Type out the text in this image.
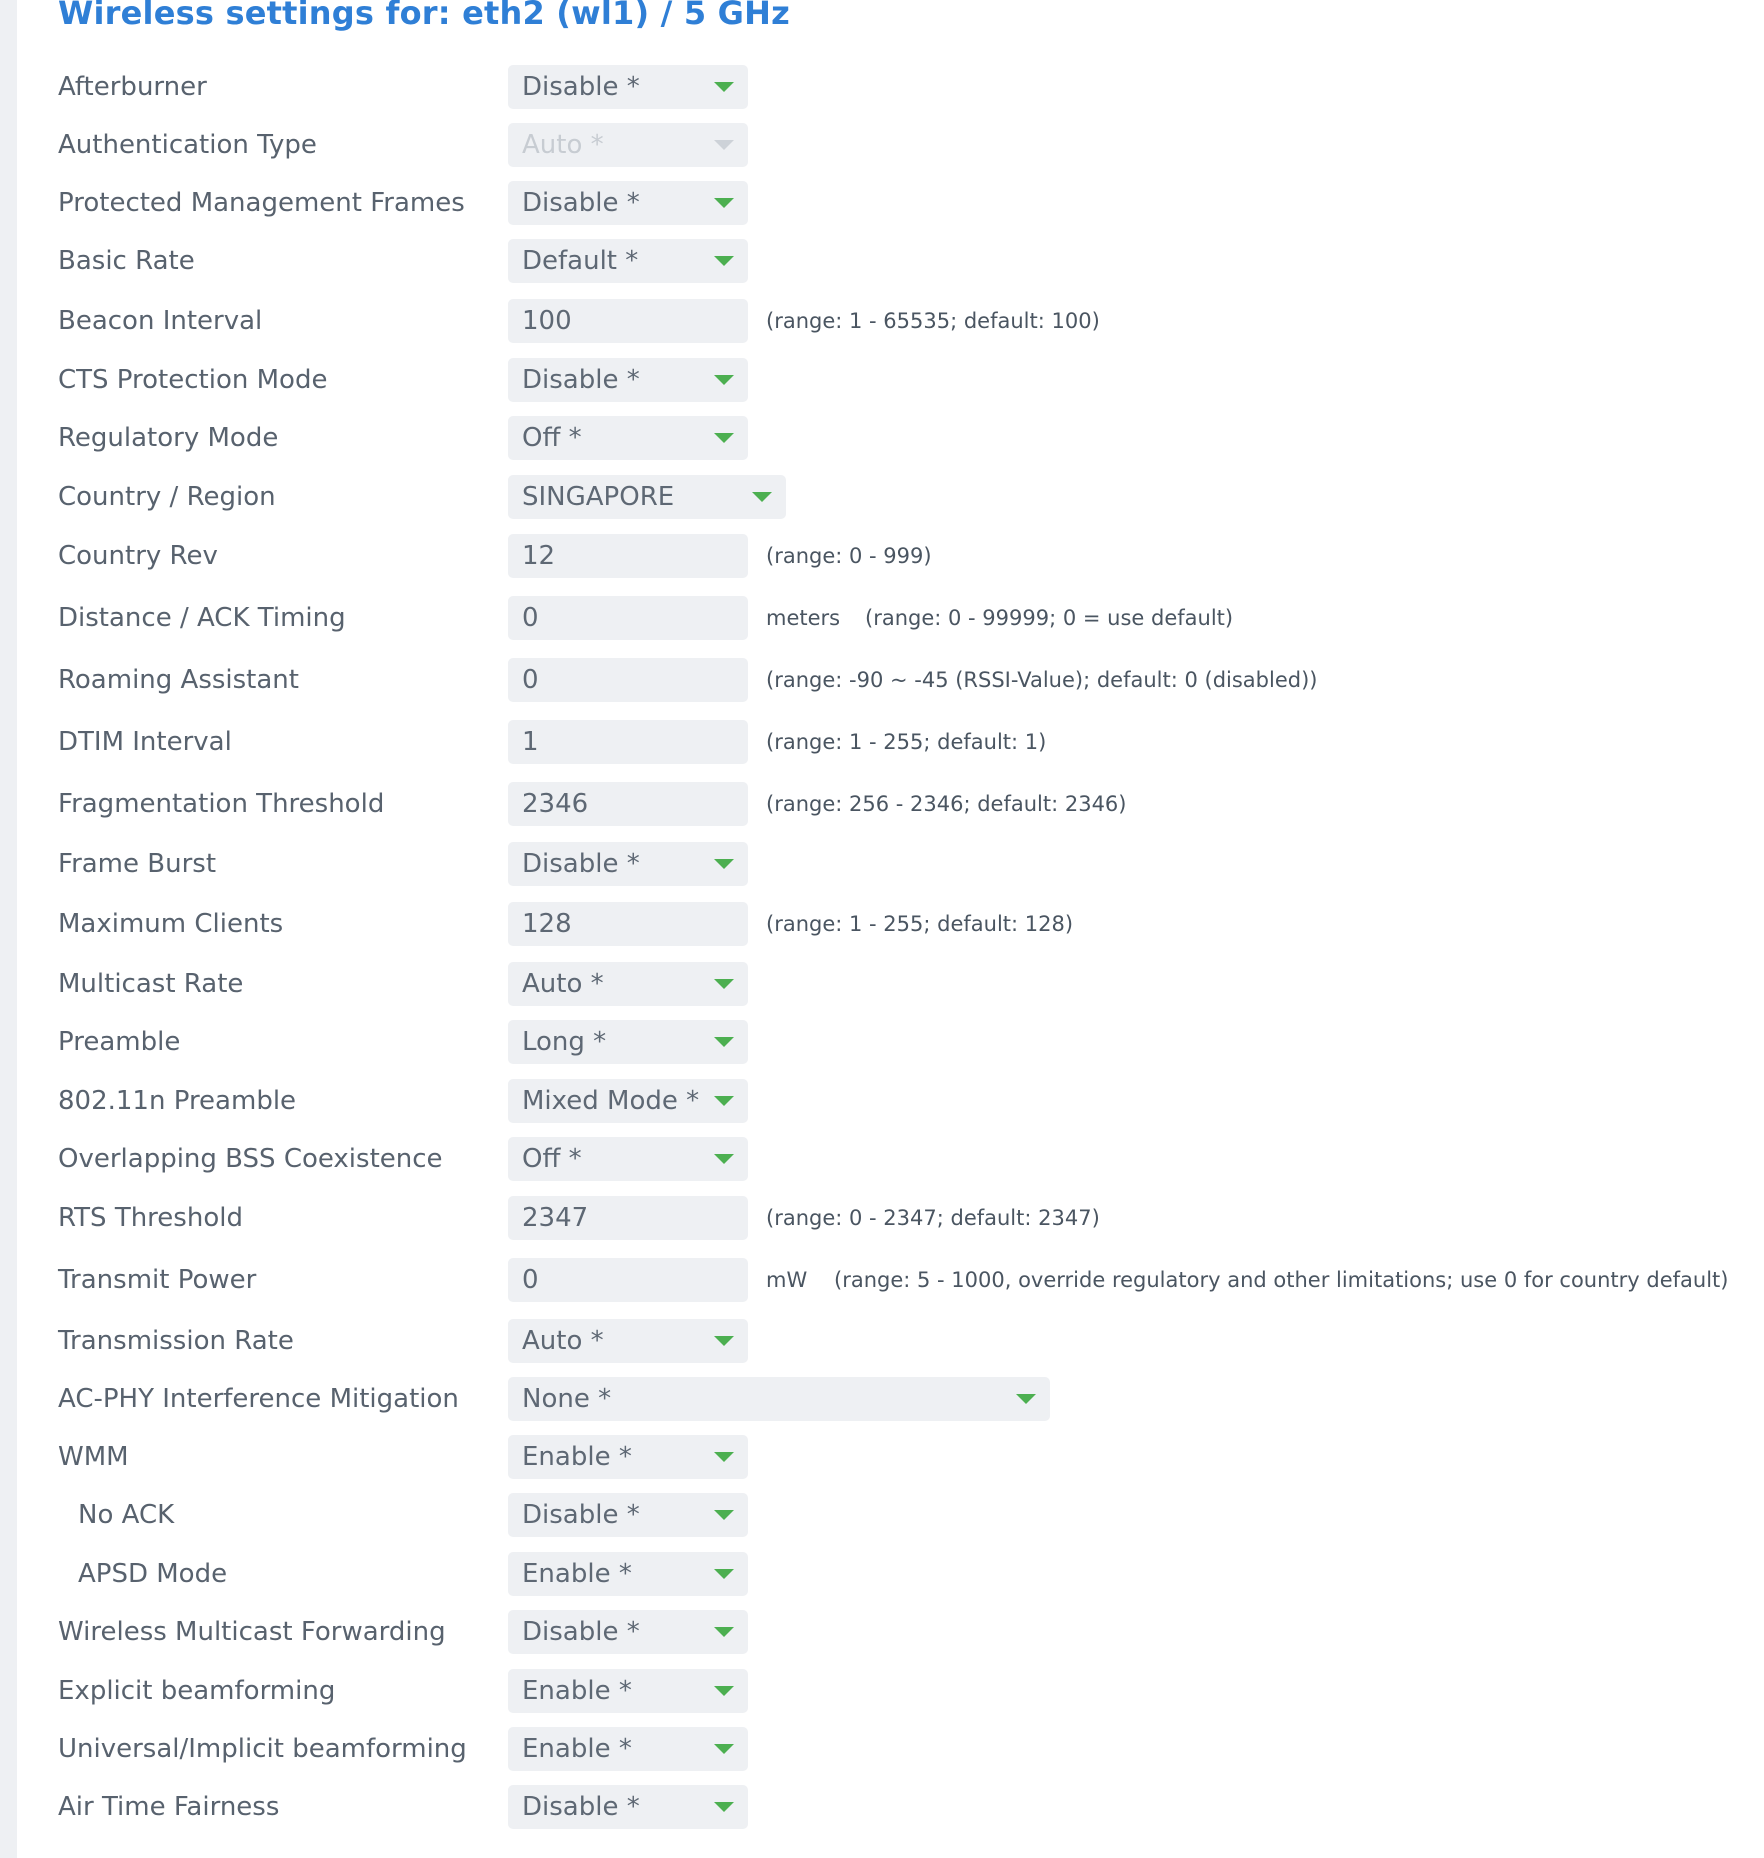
Wireless settings for: eth2 (wl1) / 5 GHz
Afterburner	Disable *
Authentication Type	Auto *
Protected Management Frames	Disable *
Basic Rate	Default *
Beacon Interval	100	(range: 1 - 65535; default: 100)
CTS Protection Mode	Disable *
Regulatory Mode	Off *
Country / Region	SINGAPORE
Country Rev	12	(range: 0 - 999)
Distance / ACK Timing	0	meters (range: 0 - 99999; 0 = use default)
Roaming Assistant	0	(range: -90 ~ -45 (RSSI-Value); default: 0 (disabled))
DTIM Interval	1	(range: 1 - 255; default: 1)
Fragmentation Threshold	2346	(range: 256 - 2346; default: 2346)
Frame Burst	Disable *
Maximum Clients	128	(range: 1 - 255; default: 128)
Multicast Rate	Auto *
Preamble	Long *
802.11n Preamble	Mixed Mode *
Overlapping BSS Coexistence	Off *
RTS Threshold	2347	(range: 0 - 2347; default: 2347)
Transmit Power	0	mW (range: 5 - 1000, override regulatory and other limitations; use 0 for country default)
Transmission Rate	Auto *
AC-PHY Interference Mitigation	None *
WMM	Enable *
No ACK	Disable *
APSD Mode	Enable *
Wireless Multicast Forwarding	Disable *
Explicit beamforming	Enable *
Universal/Implicit beamforming	Enable *
Air Time Fairness	Disable *
